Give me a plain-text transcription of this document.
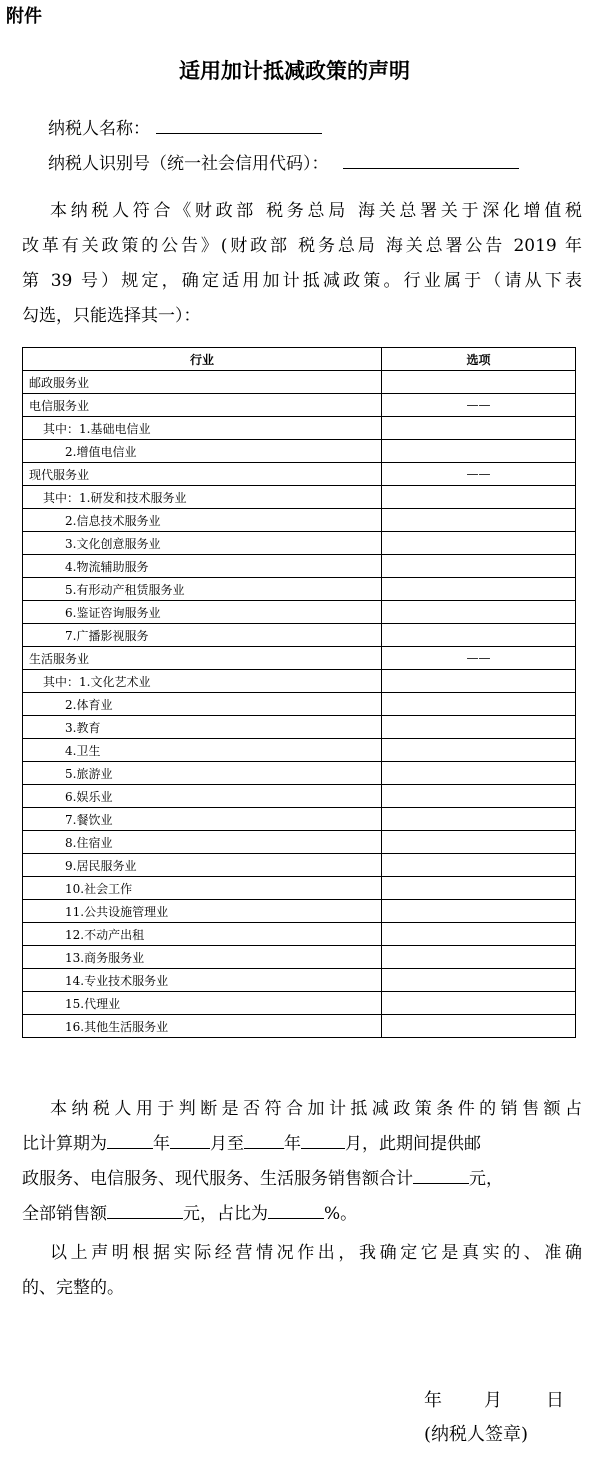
附件
适用加计抵减政策的声明
纳税人名称：
纳税人识别号（统一社会信用代码）：
本纳税人符合《财政部 税务总局 海关总署关于深化增值税
改革有关政策的公告》(财政部 税务总局 海关总署公告 2019 年
第 39 号）规定，确定适用加计抵减政策。行业属于（请从下表
勾选，只能选择其一）：
行业	选项
邮政服务业	
电信服务业	——
其中：1.基础电信业	
2.增值电信业	
现代服务业	——
其中：1.研发和技术服务业	
2.信息技术服务业	
3.文化创意服务业	
4.物流辅助服务	
5.有形动产租赁服务业	
6.鉴证咨询服务业	
7.广播影视服务	
生活服务业	——
其中：1.文化艺术业	
2.体育业	
3.教育	
4.卫生	
5.旅游业	
6.娱乐业	
7.餐饮业	
8.住宿业	
9.居民服务业	
10.社会工作	
11.公共设施管理业	
12.不动产出租	
13.商务服务业	
14.专业技术服务业	
15.代理业	
16.其他生活服务业	
本纳税人用于判断是否符合加计抵减政策条件的销售额占
比计算期为	年 月至 年	月，此期间提供邮
政服务、电信服务、现代服务、生活服务销售额合计	元，
全部销售额	元，占比为	%。
以上声明根据实际经营情况作出，我确定它是真实的、准确
的、完整的。
年 月 日
(纳税人签章)
